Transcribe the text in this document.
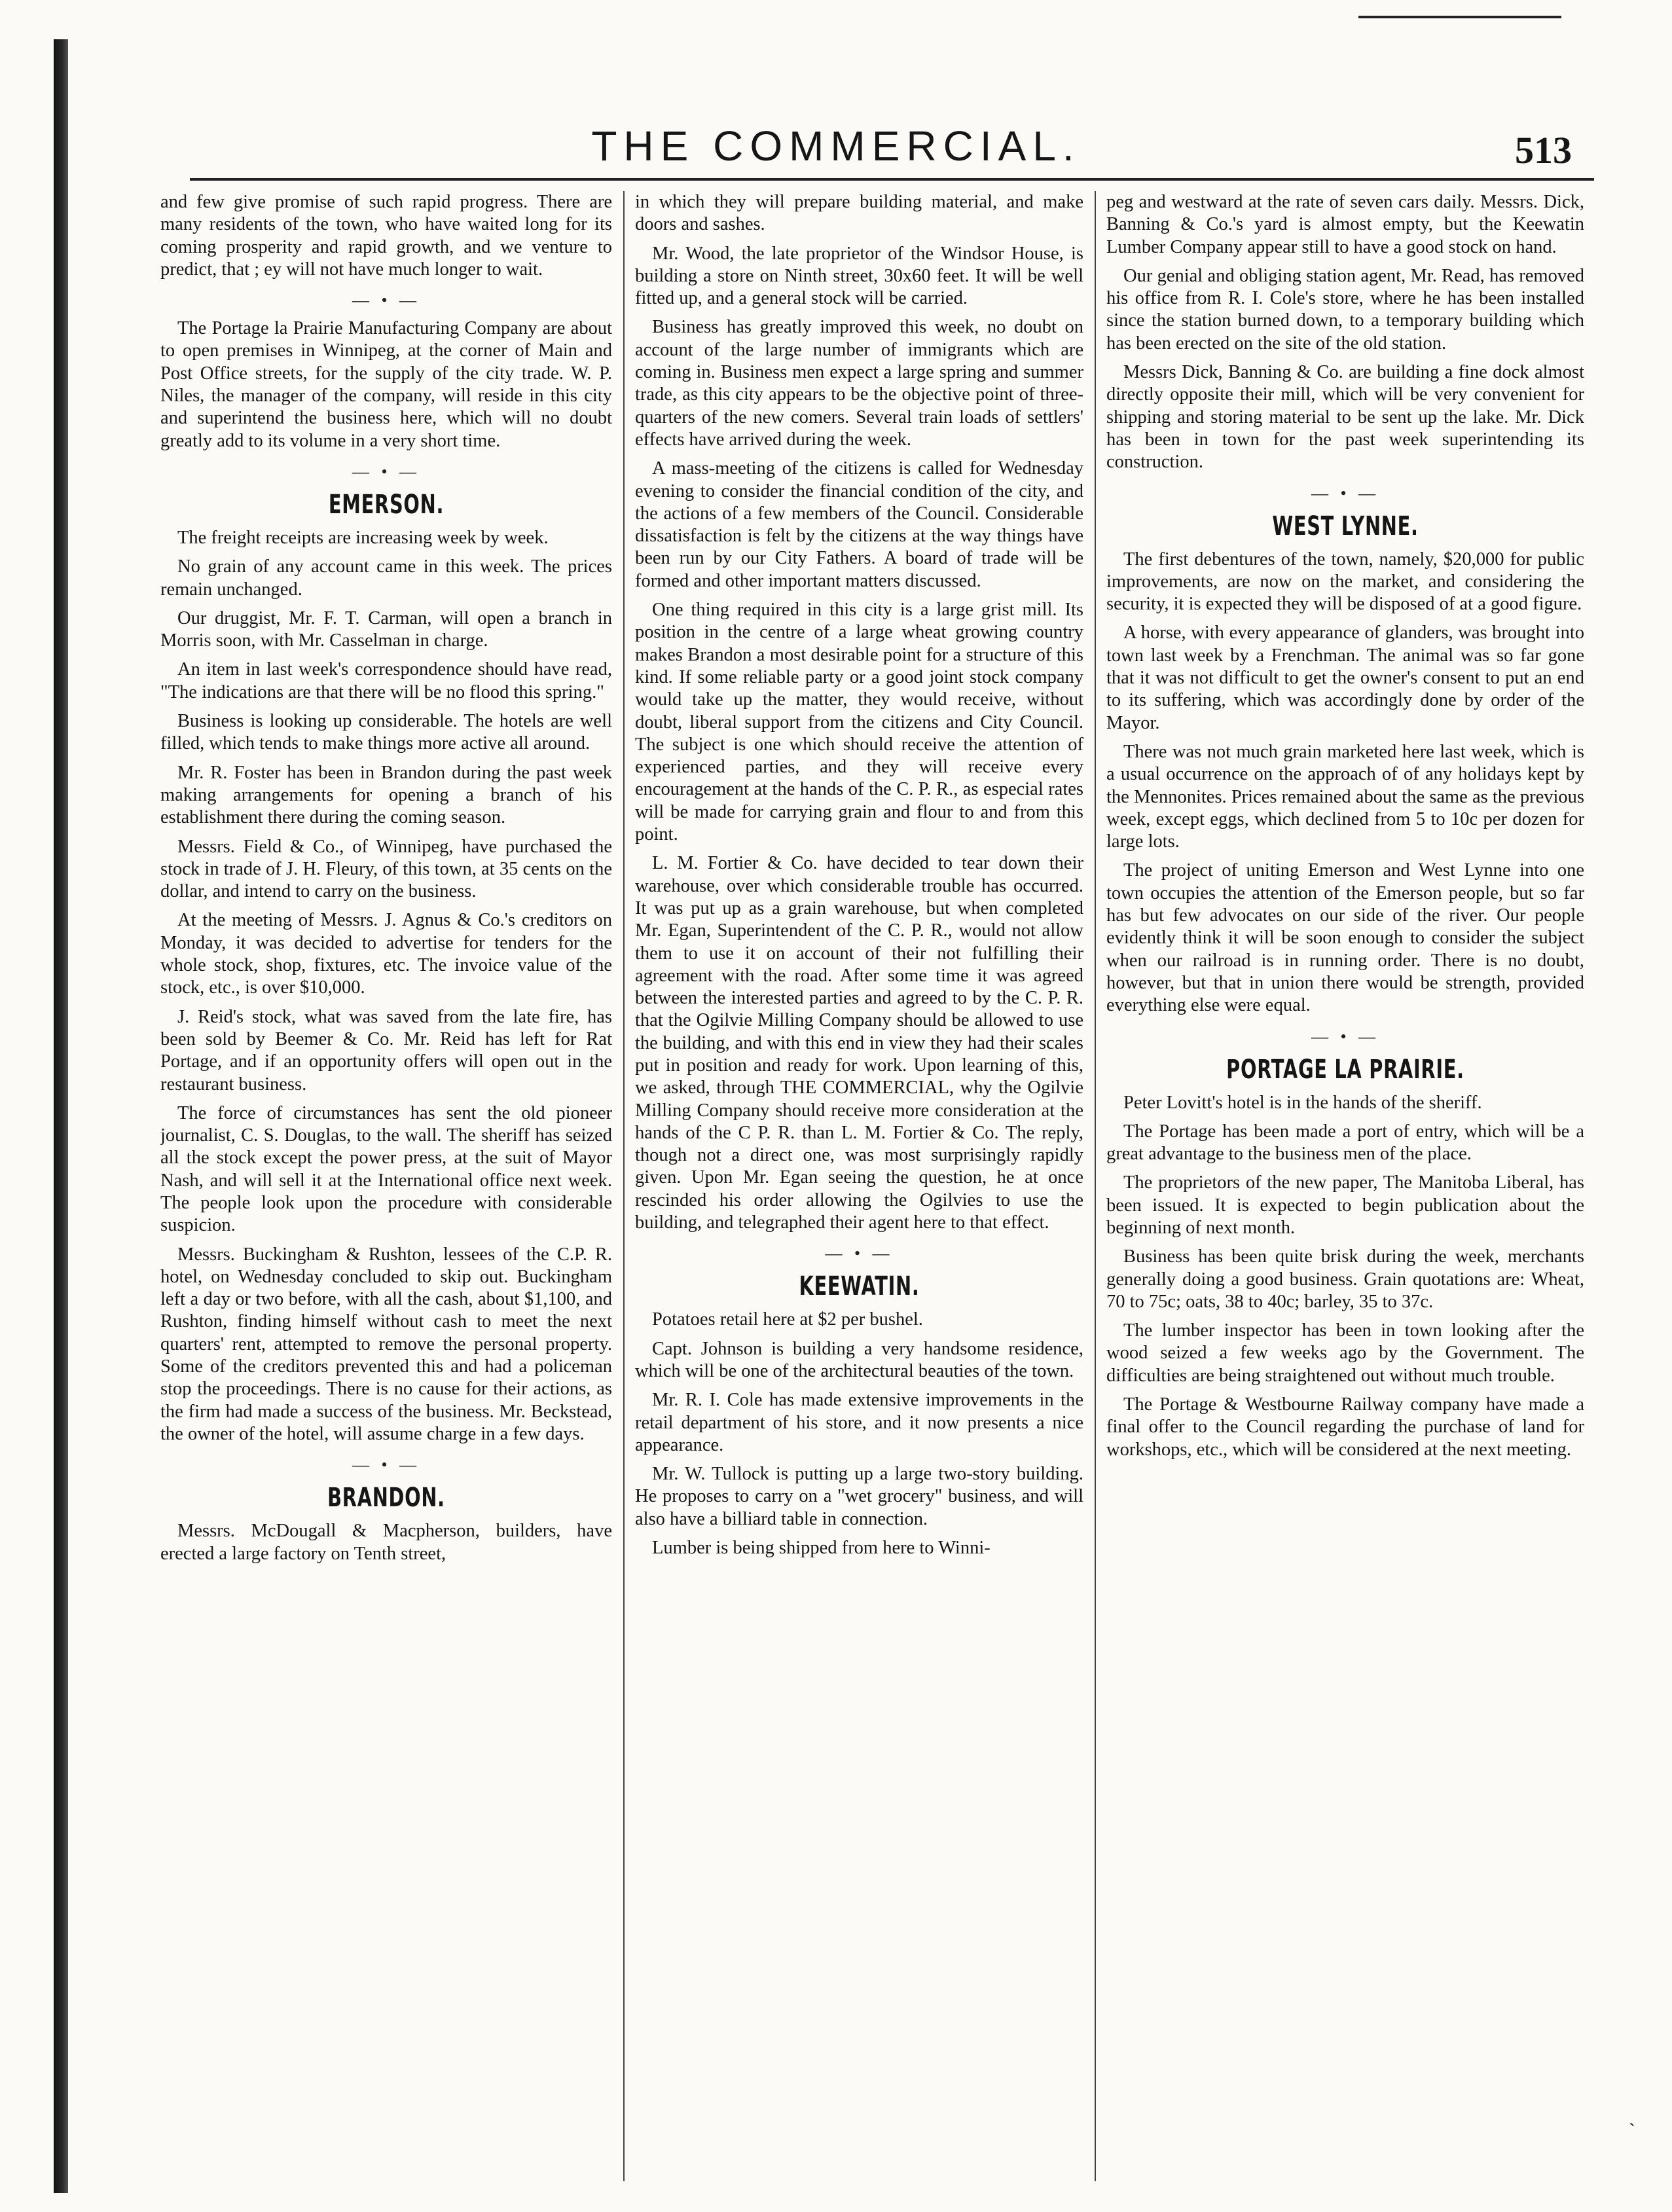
THE COMMERCIAL.	513

and few give promise of such rapid progress. There are many residents of the town, who have waited long for its coming prosperity and rapid growth, and we venture to predict, that ; ey will not have much longer to wait.

— • —

The Portage la Prairie Manufacturing Company are about to open premises in Winnipeg, at the corner of Main and Post Office streets, for the supply of the city trade. W. P. Niles, the manager of the company, will reside in this city and superintend the business here, which will no doubt greatly add to its volume in a very short time.

— • —
EMERSON.

The freight receipts are increasing week by week.

No grain of any account came in this week. The prices remain unchanged.

Our druggist, Mr. F. T. Carman, will open a branch in Morris soon, with Mr. Casselman in charge.

An item in last week's correspondence should have read, "The indications are that there will be no flood this spring."

Business is looking up considerable. The hotels are well filled, which tends to make things more active all around.

Mr. R. Foster has been in Brandon during the past week making arrangements for opening a branch of his establishment there during the coming season.

Messrs. Field & Co., of Winnipeg, have purchased the stock in trade of J. H. Fleury, of this town, at 35 cents on the dollar, and intend to carry on the business.

At the meeting of Messrs. J. Agnus & Co.'s creditors on Monday, it was decided to advertise for tenders for the whole stock, shop, fixtures, etc. The invoice value of the stock, etc., is over $10,000.

J. Reid's stock, what was saved from the late fire, has been sold by Beemer & Co. Mr. Reid has left for Rat Portage, and if an opportunity offers will open out in the restaurant business.

The force of circumstances has sent the old pioneer journalist, C. S. Douglas, to the wall. The sheriff has seized all the stock except the power press, at the suit of Mayor Nash, and will sell it at the International office next week. The people look upon the procedure with considerable suspicion.

Messrs. Buckingham & Rushton, lessees of the C.P. R. hotel, on Wednesday concluded to skip out. Buckingham left a day or two before, with all the cash, about $1,100, and Rushton, finding himself without cash to meet the next quarters' rent, attempted to remove the personal property. Some of the creditors prevented this and had a policeman stop the proceedings. There is no cause for their actions, as the firm had made a success of the business. Mr. Beckstead, the owner of the hotel, will assume charge in a few days.

— • —
BRANDON.

Messrs. McDougall & Macpherson, builders, have erected a large factory on Tenth street,

in which they will prepare building material, and make doors and sashes.

Mr. Wood, the late proprietor of the Windsor House, is building a store on Ninth street, 30x60 feet. It will be well fitted up, and a general stock will be carried.

Business has greatly improved this week, no doubt on account of the large number of immigrants which are coming in. Business men expect a large spring and summer trade, as this city appears to be the objective point of three-quarters of the new comers. Several train loads of settlers' effects have arrived during the week.

A mass-meeting of the citizens is called for Wednesday evening to consider the financial condition of the city, and the actions of a few members of the Council. Considerable dissatisfaction is felt by the citizens at the way things have been run by our City Fathers. A board of trade will be formed and other important matters discussed.

One thing required in this city is a large grist mill. Its position in the centre of a large wheat growing country makes Brandon a most desirable point for a structure of this kind. If some reliable party or a good joint stock company would take up the matter, they would receive, without doubt, liberal support from the citizens and City Council. The subject is one which should receive the attention of experienced parties, and they will receive every encouragement at the hands of the C. P. R., as especial rates will be made for carrying grain and flour to and from this point.

L. M. Fortier & Co. have decided to tear down their warehouse, over which considerable trouble has occurred. It was put up as a grain warehouse, but when completed Mr. Egan, Superintendent of the C. P. R., would not allow them to use it on account of their not fulfilling their agreement with the road. After some time it was agreed between the interested parties and agreed to by the C. P. R. that the Ogilvie Milling Company should be allowed to use the building, and with this end in view they had their scales put in position and ready for work. Upon learning of this, we asked, through THE COMMERCIAL, why the Ogilvie Milling Company should receive more consideration at the hands of the C P. R. than L. M. Fortier & Co. The reply, though not a direct one, was most surprisingly rapidly given. Upon Mr. Egan seeing the question, he at once rescinded his order allowing the Ogilvies to use the building, and telegraphed their agent here to that effect.

— • —
KEEWATIN.

Potatoes retail here at $2 per bushel.

Capt. Johnson is building a very handsome residence, which will be one of the architectural beauties of the town.

Mr. R. I. Cole has made extensive improvements in the retail department of his store, and it now presents a nice appearance.

Mr. W. Tullock is putting up a large two-story building. He proposes to carry on a "wet grocery" business, and will also have a billiard table in connection.

Lumber is being shipped from here to Winni-

peg and westward at the rate of seven cars daily. Messrs. Dick, Banning & Co.'s yard is almost empty, but the Keewatin Lumber Company appear still to have a good stock on hand.

Our genial and obliging station agent, Mr. Read, has removed his office from R. I. Cole's store, where he has been installed since the station burned down, to a temporary building which has been erected on the site of the old station.

Messrs Dick, Banning & Co. are building a fine dock almost directly opposite their mill, which will be very convenient for shipping and storing material to be sent up the lake. Mr. Dick has been in town for the past week superintending its construction.

— • —
WEST LYNNE.

The first debentures of the town, namely, $20,000 for public improvements, are now on the market, and considering the security, it is expected they will be disposed of at a good figure.

A horse, with every appearance of glanders, was brought into town last week by a Frenchman. The animal was so far gone that it was not difficult to get the owner's consent to put an end to its suffering, which was accordingly done by order of the Mayor.

There was not much grain marketed here last week, which is a usual occurrence on the approach of of any holidays kept by the Mennonites. Prices remained about the same as the previous week, except eggs, which declined from 5 to 10c per dozen for large lots.

The project of uniting Emerson and West Lynne into one town occupies the attention of the Emerson people, but so far has but few advocates on our side of the river. Our people evidently think it will be soon enough to consider the subject when our railroad is in running order. There is no doubt, however, but that in union there would be strength, provided everything else were equal.

— • —
PORTAGE LA PRAIRIE.

Peter Lovitt's hotel is in the hands of the sheriff.

The Portage has been made a port of entry, which will be a great advantage to the business men of the place.

The proprietors of the new paper, The Manitoba Liberal, has been issued. It is expected to begin publication about the beginning of next month.

Business has been quite brisk during the week, merchants generally doing a good business. Grain quotations are: Wheat, 70 to 75c; oats, 38 to 40c; barley, 35 to 37c.

The lumber inspector has been in town looking after the wood seized a few weeks ago by the Government. The difficulties are being straightened out without much trouble.

The Portage & Westbourne Railway company have made a final offer to the Council regarding the purchase of land for workshops, etc., which will be considered at the next meeting.

`
